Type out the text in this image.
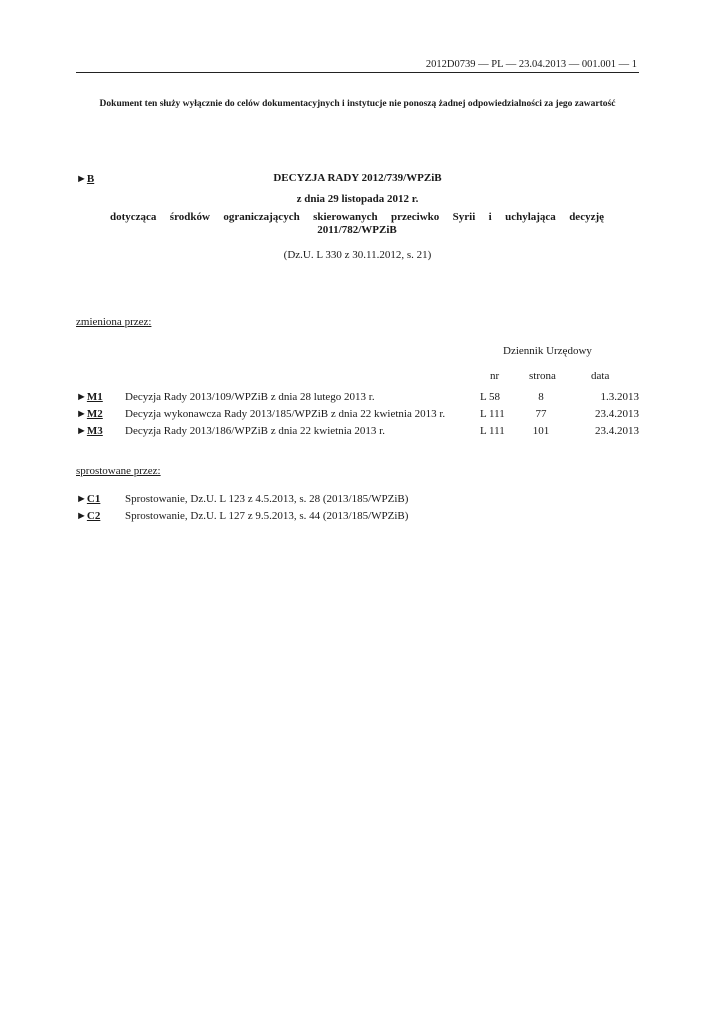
2012D0739 — PL — 23.04.2013 — 001.001 — 1
Dokument ten służy wyłącznie do celów dokumentacyjnych i instytucje nie ponoszą żadnej odpowiedzialności za jego zawartość
►B	DECYZJA RADY 2012/739/WPZiB
z dnia 29 listopada 2012 r.
dotycząca środków ograniczających skierowanych przeciwko Syrii i uchylająca decyzję 2011/782/WPZiB
(Dz.U. L 330 z 30.11.2012, s. 21)
zmieniona przez:
Dziennik Urzędowy
nr	strona	data
►M1 Decyzja Rady 2013/109/WPZiB z dnia 28 lutego 2013 r.	L 58	8	1.3.2013
►M2 Decyzja wykonawcza Rady 2013/185/WPZiB z dnia 22 kwietnia 2013 r.	L 111	77	23.4.2013
►M3 Decyzja Rady 2013/186/WPZiB z dnia 22 kwietnia 2013 r.	L 111	101	23.4.2013
sprostowane przez:
►C1 Sprostowanie, Dz.U. L 123 z 4.5.2013, s. 28 (2013/185/WPZiB)
►C2 Sprostowanie, Dz.U. L 127 z 9.5.2013, s. 44 (2013/185/WPZiB)
